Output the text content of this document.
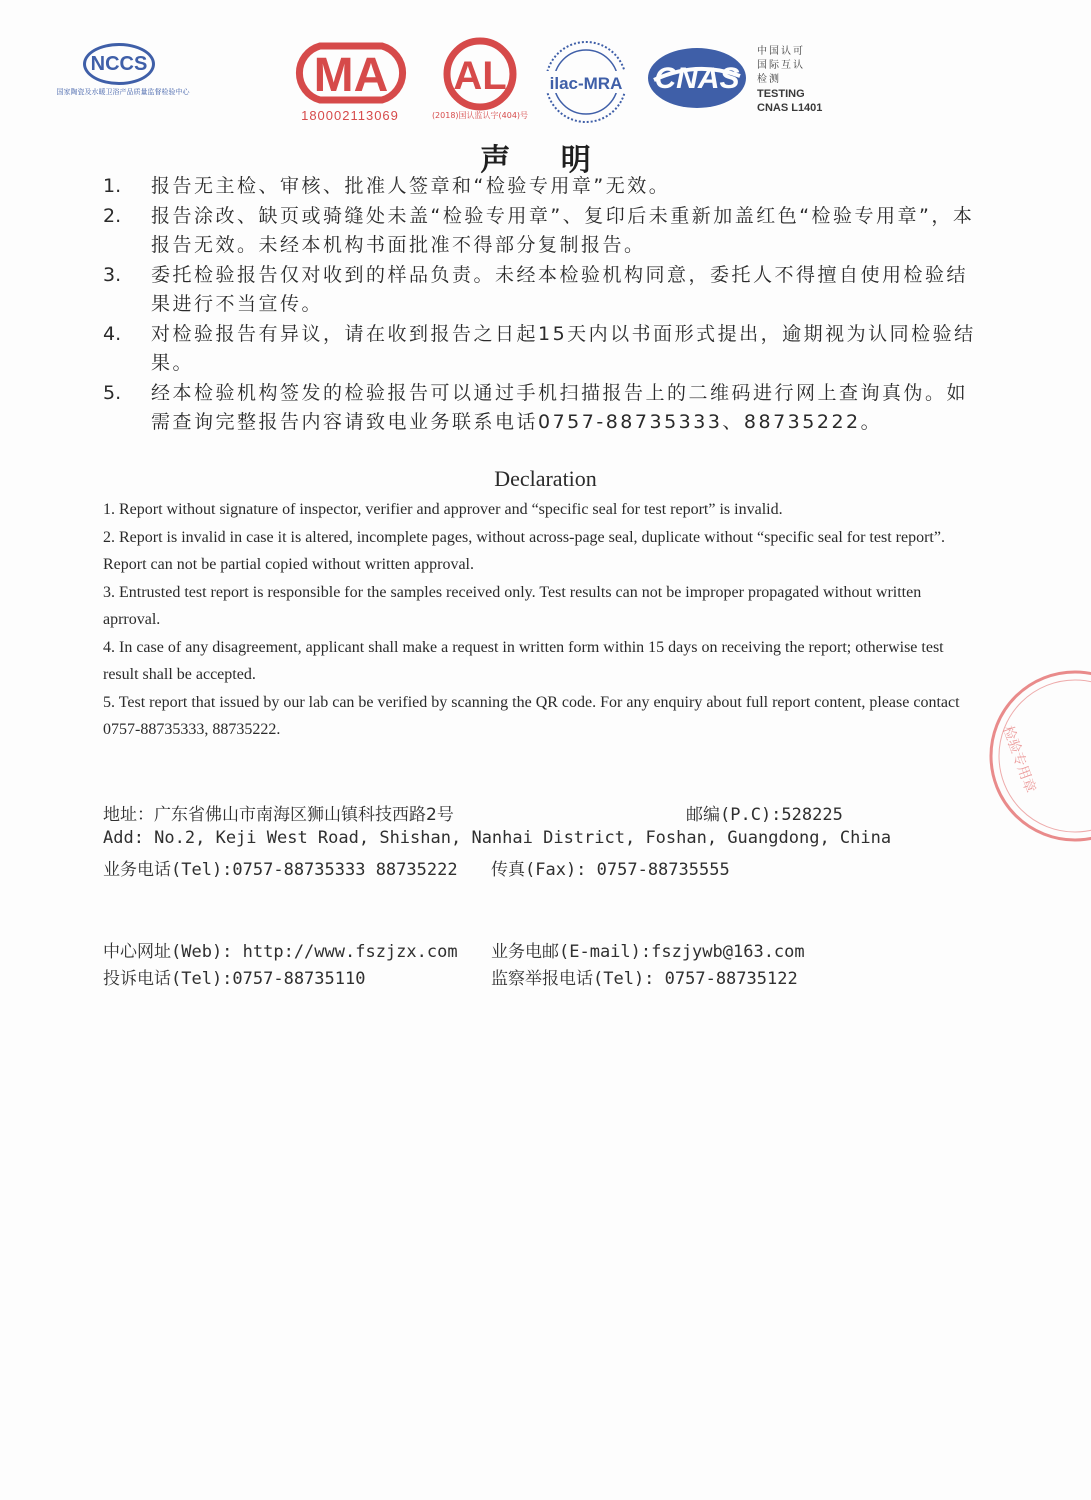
NCCS
国家陶瓷及水暖卫浴产品质量监督检验中心	MA
180002113069
AL
(2018)国认监认字(404)号
ilac-MRA CNAS
中国认可
国际互认
检测
TESTING
CNAS L1401
声 明
1.	报告无主检、审核、批准人签章和“检验专用章”无效。
2.	报告涂改、缺页或骑缝处未盖“检验专用章”、复印后未重新加盖红色“检验专用章”，本报告无效。未经本机构书面批准不得部分复制报告。
3.	委托检验报告仅对收到的样品负责。未经本检验机构同意，委托人不得擅自使用检验结果进行不当宣传。
4.	对检验报告有异议，请在收到报告之日起15天内以书面形式提出，逾期视为认同检验结果。
5.	经本检验机构签发的检验报告可以通过手机扫描报告上的二维码进行网上查询真伪。如需查询完整报告内容请致电业务联系电话0757-88735333、88735222。
Declaration
1. Report without signature of inspector, verifier and approver and “specific seal for test report” is invalid.
2. Report is invalid in case it is altered, incomplete pages, without across-page seal, duplicate without “specific seal for test report”. Report can not be partial copied without written approval.
3. Entrusted test report is responsible for the samples received only. Test results can not be improper propagated without written aprroval.
4. In case of any disagreement, applicant shall make a request in written form within 15 days on receiving the report; otherwise test result shall be accepted.
5. Test report that issued by our lab can be verified by scanning the QR code. For any enquiry about full report content, please contact 0757-88735333, 88735222.
地址：广东省佛山市南海区狮山镇科技西路2号	邮编(P.C):528225
Add: No.2, Keji West Road, Shishan, Nanhai District, Foshan, Guangdong, China
业务电话(Tel):0757-88735333 88735222 传真(Fax): 0757-88735555
中心网址(Web): http://www.fszjzx.com 业务电邮(E-mail):fszjywb@163.com
投诉电话(Tel):0757-88735110	监察举报电话(Tel): 0757-88735122
检验专用章
